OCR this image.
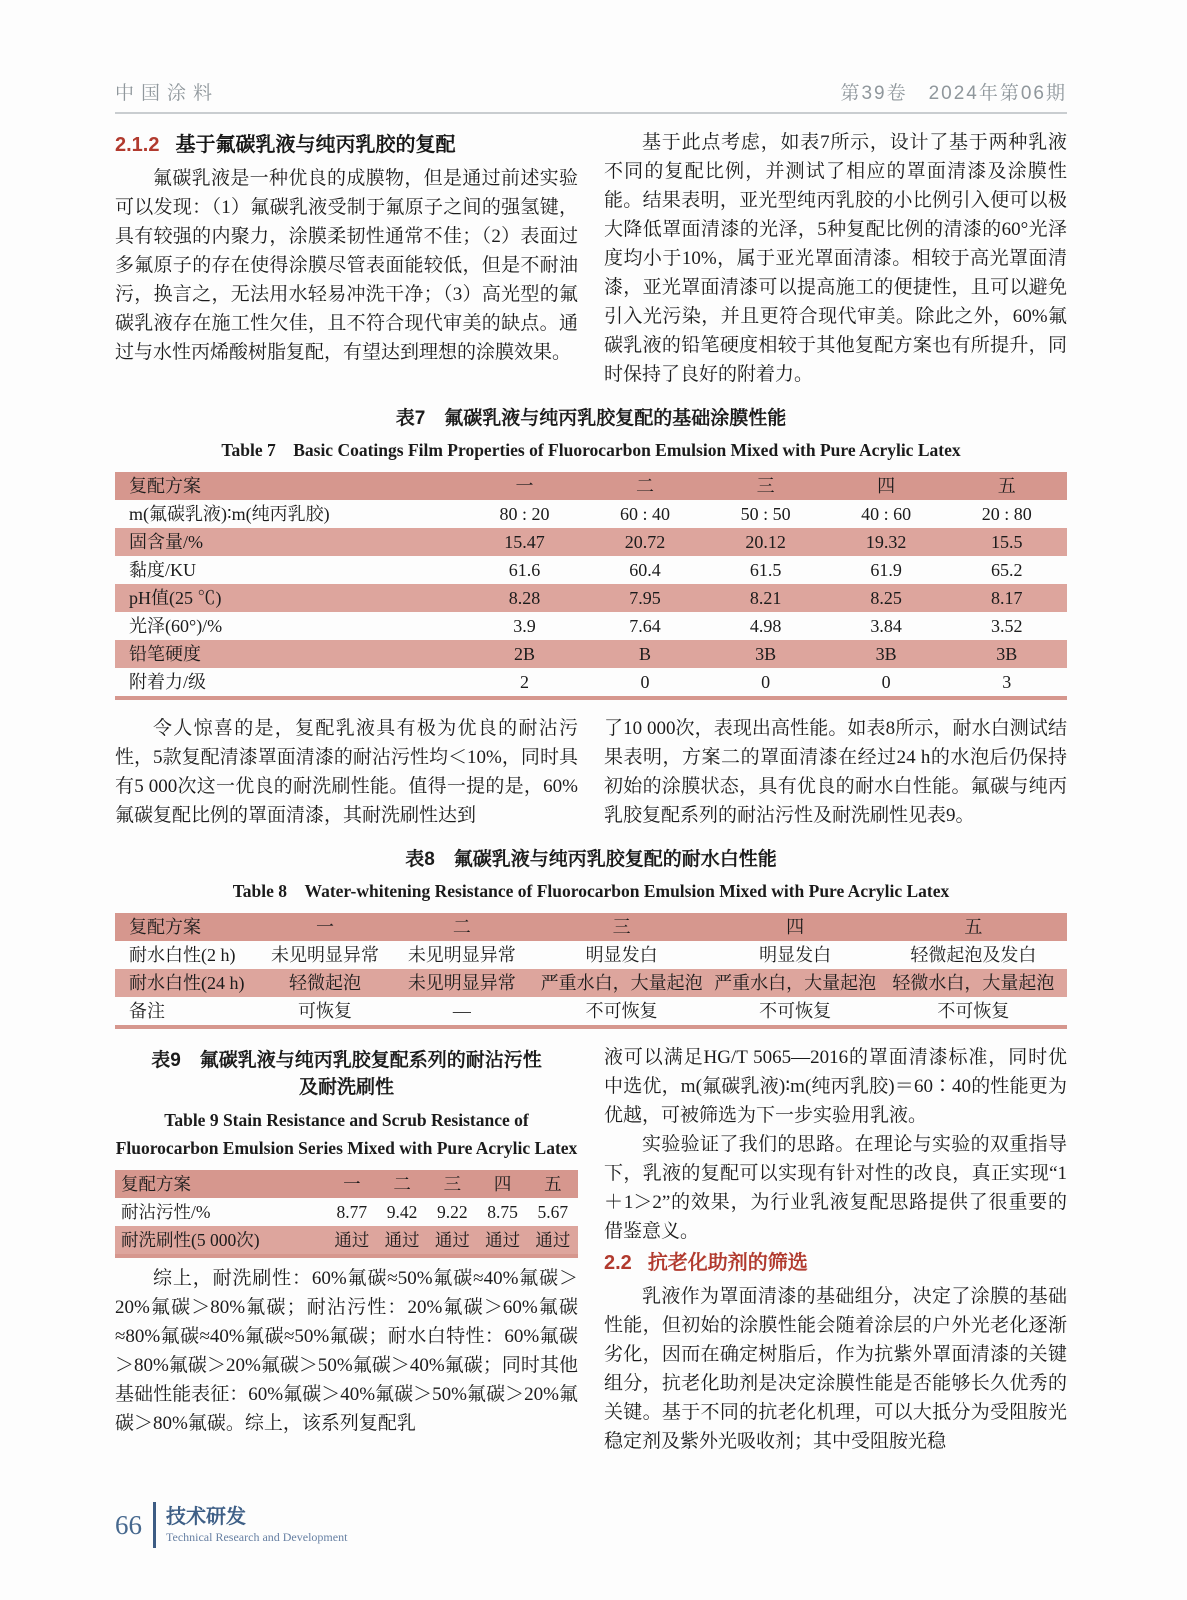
中国涂料	第39卷　2024年第06期
2.1.2 基于氟碳乳液与纯丙乳胶的复配

氟碳乳液是一种优良的成膜物，但是通过前述实验可以发现：（1）氟碳乳液受制于氟原子之间的强氢键，具有较强的内聚力，涂膜柔韧性通常不佳；（2）表面过多氟原子的存在使得涂膜尽管表面能较低，但是不耐油污，换言之，无法用水轻易冲洗干净；（3）高光型的氟碳乳液存在施工性欠佳，且不符合现代审美的缺点。通过与水性丙烯酸树脂复配，有望达到理想的涂膜效果。

基于此点考虑，如表7所示，设计了基于两种乳液不同的复配比例，并测试了相应的罩面清漆及涂膜性能。结果表明，亚光型纯丙乳胶的小比例引入便可以极大降低罩面清漆的光泽，5种复配比例的清漆的60°光泽度均小于10%，属于亚光罩面清漆。相较于高光罩面清漆，亚光罩面清漆可以提高施工的便捷性，且可以避免引入光污染，并且更符合现代审美。除此之外，60%氟碳乳液的铅笔硬度相较于其他复配方案也有所提升，同时保持了良好的附着力。

表7　氟碳乳液与纯丙乳胶复配的基础涂膜性能
Table 7　Basic Coatings Film Properties of Fluorocarbon Emulsion Mixed with Pure Acrylic Latex
复配方案	一	二	三	四	五
m(氟碳乳液)∶m(纯丙乳胶)	80 : 20	60 : 40	50 : 50	40 : 60	20 : 80
固含量/%	15.47	20.72	20.12	19.32	15.5
黏度/KU	61.6	60.4	61.5	61.9	65.2
pH值(25 ℃)	8.28	7.95	8.21	8.25	8.17
光泽(60°)/%	3.9	7.64	4.98	3.84	3.52
铅笔硬度	2B	B	3B	3B	3B
附着力/级	2	0	0	0	3

令人惊喜的是，复配乳液具有极为优良的耐沾污性，5款复配清漆罩面清漆的耐沾污性均＜10%，同时具有5 000次这一优良的耐洗刷性能。值得一提的是，60%氟碳复配比例的罩面清漆，其耐洗刷性达到

了10 000次，表现出高性能。如表8所示，耐水白测试结果表明，方案二的罩面清漆在经过24 h的水泡后仍保持初始的涂膜状态，具有优良的耐水白性能。氟碳与纯丙乳胶复配系列的耐沾污性及耐洗刷性见表9。

表8　氟碳乳液与纯丙乳胶复配的耐水白性能
Table 8　Water-whitening Resistance of Fluorocarbon Emulsion Mixed with Pure Acrylic Latex
复配方案	一	二	三	四	五
耐水白性(2 h)	未见明显异常	未见明显异常	明显发白	明显发白	轻微起泡及发白
耐水白性(24 h)	轻微起泡	未见明显异常	严重水白，大量起泡	严重水白，大量起泡	轻微水白，大量起泡
备注	可恢复	—	不可恢复	不可恢复	不可恢复
表9　氟碳乳液与纯丙乳胶复配系列的耐沾污性及耐洗刷性
Table 9 Stain Resistance and Scrub Resistance of Fluorocarbon Emulsion Series Mixed with Pure Acrylic Latex
复配方案	一	二	三	四	五
耐沾污性/%	8.77	9.42	9.22	8.75	5.67
耐洗刷性(5 000次)	通过	通过	通过	通过	通过

综上，耐洗刷性：60%氟碳≈50%氟碳≈40%氟碳＞20%氟碳＞80%氟碳；耐沾污性：20%氟碳＞60%氟碳≈80%氟碳≈40%氟碳≈50%氟碳；耐水白特性：60%氟碳＞80%氟碳＞20%氟碳＞50%氟碳＞40%氟碳；同时其他基础性能表征：60%氟碳＞40%氟碳＞50%氟碳＞20%氟碳＞80%氟碳。综上，该系列复配乳

液可以满足HG/T 5065—2016的罩面清漆标准，同时优中选优，m(氟碳乳液)∶m(纯丙乳胶)＝60∶40的性能更为优越，可被筛选为下一步实验用乳液。

实验验证了我们的思路。在理论与实验的双重指导下，乳液的复配可以实现有针对性的改良，真正实现“1＋1＞2”的效果，为行业乳液复配思路提供了很重要的借鉴意义。

2.2 抗老化助剂的筛选

乳液作为罩面清漆的基础组分，决定了涂膜的基础性能，但初始的涂膜性能会随着涂层的户外光老化逐渐劣化，因而在确定树脂后，作为抗紫外罩面清漆的关键组分，抗老化助剂是决定涂膜性能是否能够长久优秀的关键。基于不同的抗老化机理，可以大抵分为受阻胺光稳定剂及紫外光吸收剂；其中受阻胺光稳

66 技术研发
Technical Research and Development
